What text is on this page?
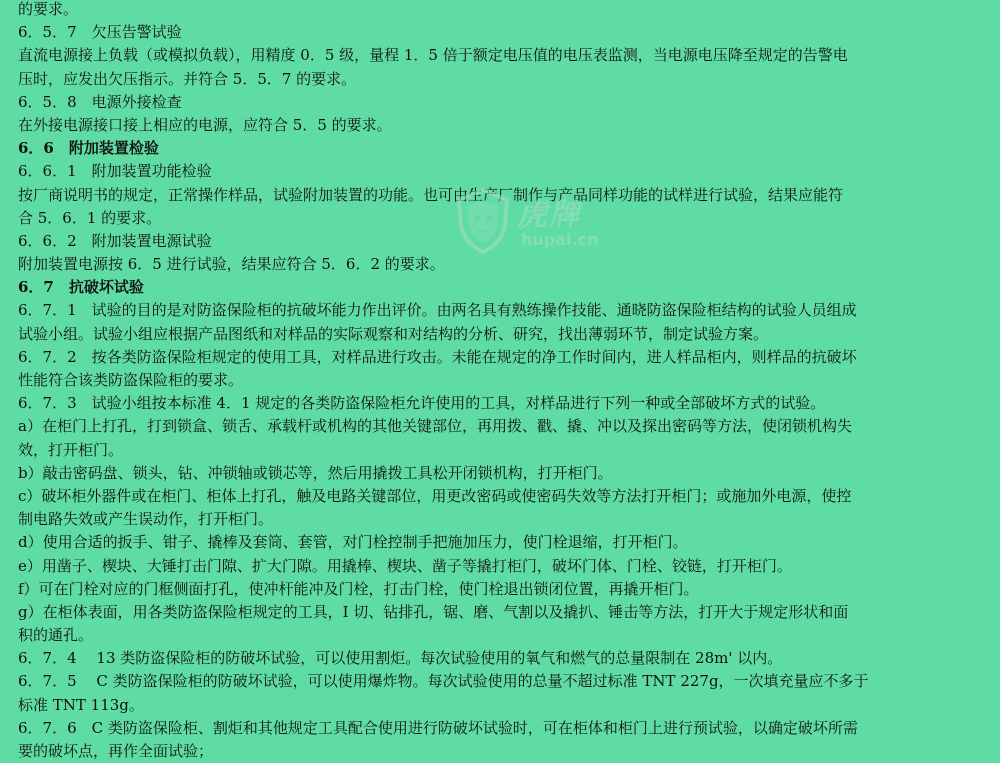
的要求。
6．5．7　欠压告警试验
直流电源接上负载（或模拟负载），用精度 0．5 级，量程 1．5 倍于额定电压值的电压表监测，当电源电压降至规定的告警电
压时，应发出欠压指示。并符合 5．5．7 的要求。
6．5．8　电源外接检查
在外接电源接口接上相应的电源，应符合 5．5 的要求。
6．6　附加装置检验
6．6．1　附加装置功能检验
按厂商说明书的规定，正常操作样品，试验附加装置的功能。也可由生产厂制作与产品同样功能的试样进行试验，结果应能符
合 5．6．1 的要求。
6．6．2　附加装置电源试验
附加装置电源按 6．5 进行试验，结果应符合 5．6．2 的要求。
6．7　抗破坏试验
6．7．1　试验的目的是对防盗保险柜的抗破坏能力作出评价。由两名具有熟练操作技能、通晓防盗保险柜结构的试验人员组成
试验小组。试验小组应根据产品图纸和对样品的实际观察和对结构的分析、研究，找出薄弱环节，制定试验方案。
6．7．2　按各类防盗保险柜规定的使用工具，对样品进行攻击。未能在规定的净工作时间内，进人样品柜内，则样品的抗破坏
性能符合该类防盗保险柜的要求。
6．7．3　试验小组按本标准 4．1 规定的各类防盗保险柜允许使用的工具，对样品进行下列一种或全部破坏方式的试验。
a）在柜门上打孔，打到锁盒、锁舌、承载杆或机构的其他关键部位，再用拨、戳、撬、冲以及探出密码等方法，使闭锁机构失
效，打开柜门。
b）敲击密码盘、锁头，钻、冲锁轴或锁芯等，然后用撬拨工具松开闭锁机构，打开柜门。
c）破坏柜外器件或在柜门、柜体上打孔，触及电路关键部位，用更改密码或使密码失效等方法打开柜门；或施加外电源，使控
制电路失效或产生误动作，打开柜门。
d）使用合适的扳手、钳子、撬棒及套筒、套管，对门栓控制手把施加压力，使门栓退缩，打开柜门。
e）用凿子、楔块、大锤打击门隙、扩大门隙。用撬棒、楔块、凿子等撬打柜门，破坏门体、门栓、铰链，打开柜门。
f）可在门栓对应的门框侧面打孔，使冲杆能冲及门栓，打击门栓，使门栓退出锁闭位置，再撬开柜门。
g）在柜体表面，用各类防盗保险柜规定的工具，I 切、钻排孔，锯、磨、气割以及撬扒、锤击等方法，打开大于规定形状和面
积的通孔。
6．7．4　 13 类防盗保险柜的防破坏试验，可以使用割炬。每次试验使用的氧气和燃气的总量限制在 28m' 以内。
6．7．5　 C 类防盗保险柜的防破坏试验，可以使用爆炸物。每次试验使用的总量不超过标准 TNT 227g，一次填充量应不多于
标准 TNT 113g。
6．7．6　C 类防盗保险柜、割炬和其他规定工具配合使用进行防破坏试验时，可在柜体和柜门上进行预试验，以确定破坏所需
要的破坏点，再作全面试验；
虎牌
hupai.cn
